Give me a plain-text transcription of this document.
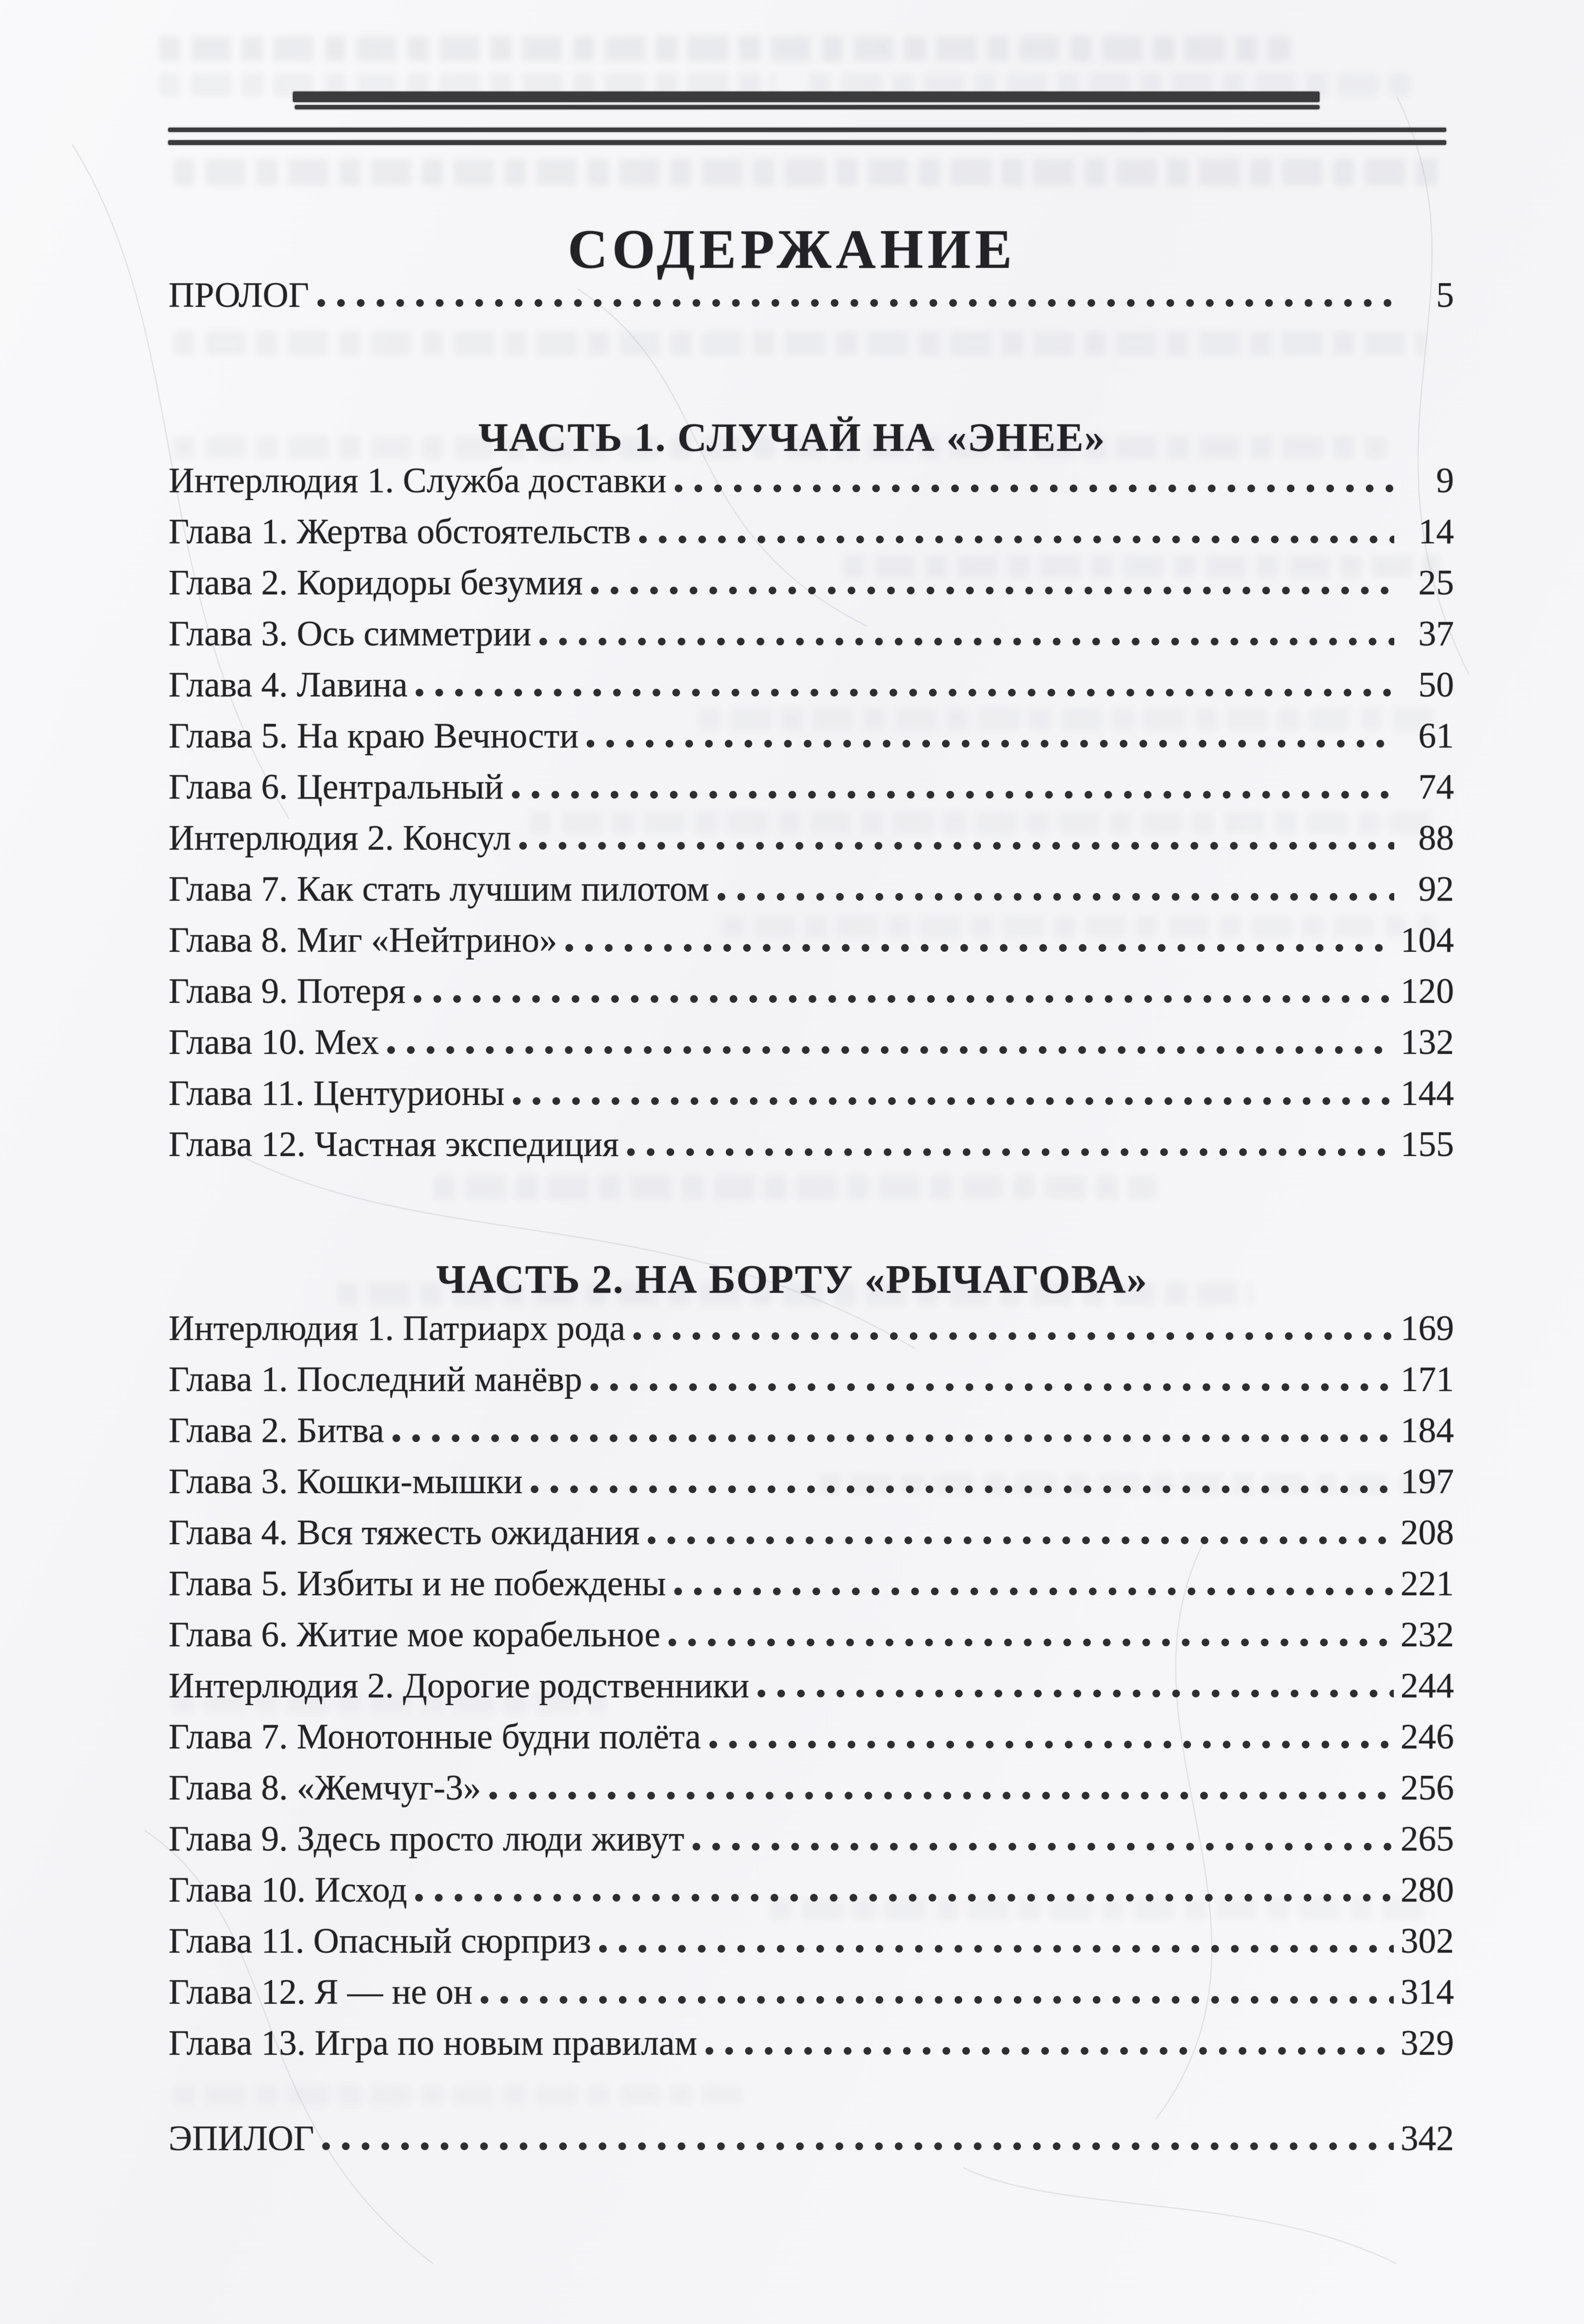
СОДЕРЖАНИЕ
ПРОЛОГ	5
ЧАСТЬ 1. СЛУЧАЙ НА «ЭНЕЕ»
Интерлюдия 1. Служба доставки	9
Глава 1. Жертва обстоятельств	14
Глава 2. Коридоры безумия	25
Глава 3. Ось симметрии	37
Глава 4. Лавина	50
Глава 5. На краю Вечности	61
Глава 6. Центральный	74
Интерлюдия 2. Консул	88
Глава 7. Как стать лучшим пилотом	92
Глава 8. Миг «Нейтрино»	104
Глава 9. Потеря	120
Глава 10. Мех	132
Глава 11. Центурионы	144
Глава 12. Частная экспедиция	155
ЧАСТЬ 2. НА БОРТУ «РЫЧАГОВА»
Интерлюдия 1. Патриарх рода	169
Глава 1. Последний манёвр	171
Глава 2. Битва	184
Глава 3. Кошки-мышки	197
Глава 4. Вся тяжесть ожидания	208
Глава 5. Избиты и не побеждены	221
Глава 6. Житие мое корабельное	232
Интерлюдия 2. Дорогие родственники	244
Глава 7. Монотонные будни полёта	246
Глава 8. «Жемчуг-3»	256
Глава 9. Здесь просто люди живут	265
Глава 10. Исход	280
Глава 11. Опасный сюрприз	302
Глава 12. Я — не он	314
Глава 13. Игра по новым правилам	329
ЭПИЛОГ	342
